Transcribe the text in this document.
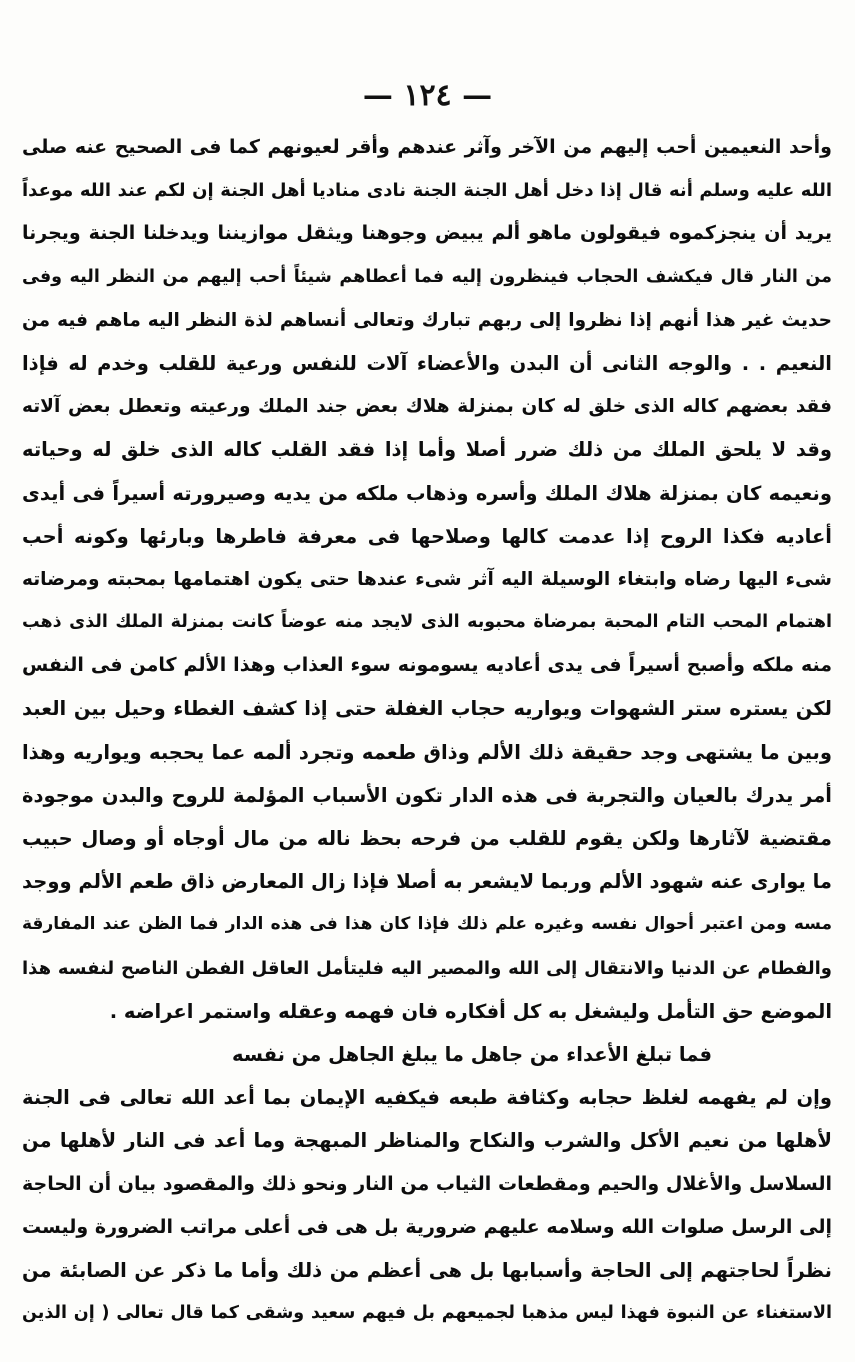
— ١٢٤ —
وأحد النعيمين أحب إليهم من الآخر وآثر عندهم وأقر لعيونهم كما فى الصحيح عنه صلى
الله عليه وسلم أنه قال إذا دخل أهل الجنة الجنة نادى مناديا أهل الجنة إن لكم عند الله موعداً
يريد أن ينجزكموه فيقولون ماهو ألم يبيض وجوهنا ويثقل موازيننا ويدخلنا الجنة ويجرنا
من النار قال فيكشف الحجاب فينظرون إليه فما أعطاهم شيئاً أحب إليهم من النظر اليه وفى
حديث غير هذا أنهم إذا نظروا إلى ربهم تبارك وتعالى أنساهم لذة النظر اليه ماهم فيه من
النعيم . . والوجه الثانى أن البدن والأعضاء آلات للنفس ورعية للقلب وخدم له فإذا
فقد بعضهم كاله الذى خلق له كان بمنزلة هلاك بعض جند الملك ورعيته وتعطل بعض آلاته
وقد لا يلحق الملك من ذلك ضرر أصلا وأما إذا فقد القلب كاله الذى خلق له وحياته
ونعيمه كان بمنزلة هلاك الملك وأسره وذهاب ملكه من يديه وصيرورته أسيراً فى أيدى
أعاديه فكذا الروح إذا عدمت كالها وصلاحها فى معرفة فاطرها وبارئها وكونه أحب
شىء اليها رضاه وابتغاء الوسيلة اليه آثر شىء عندها حتى يكون اهتمامها بمحبته ومرضاته
اهتمام المحب التام المحبة بمرضاة محبوبه الذى لايجد منه عوضاً كانت بمنزلة الملك الذى ذهب
منه ملكه وأصبح أسيراً فى يدى أعاديه يسومونه سوء العذاب وهذا الألم كامن فى النفس
لكن يستره ستر الشهوات ويواريه حجاب الغفلة حتى إذا كشف الغطاء وحيل بين العبد
وبين ما يشتهى وجد حقيقة ذلك الألم وذاق طعمه وتجرد ألمه عما يحجبه ويواريه وهذا
أمر يدرك بالعيان والتجربة فى هذه الدار تكون الأسباب المؤلمة للروح والبدن موجودة
مقتضية لآثارها ولكن يقوم للقلب من فرحه بحظ ناله من مال أوجاه أو وصال حبيب
ما يوارى عنه شهود الألم وربما لايشعر به أصلا فإذا زال المعارض ذاق طعم الألم ووجد
مسه ومن اعتبر أحوال نفسه وغيره علم ذلك فإذا كان هذا فى هذه الدار فما الظن عند المفارقة
والفطام عن الدنيا والانتقال إلى الله والمصير اليه فليتأمل العاقل الفطن الناصح لنفسه هذا
الموضع حق التأمل وليشغل به كل أفكاره فان فهمه وعقله واستمر اعراضه .
فما تبلغ الأعداء من جاهل ما يبلغ الجاهل من نفسه
وإن لم يفهمه لغلظ حجابه وكثافة طبعه فيكفيه الإيمان بما أعد الله تعالى فى الجنة
لأهلها من نعيم الأكل والشرب والنكاح والمناظر المبهجة وما أعد فى النار لأهلها من
السلاسل والأغلال والحيم ومقطعات الثياب من النار ونحو ذلك والمقصود بيان أن الحاجة
إلى الرسل صلوات الله وسلامه عليهم ضرورية بل هى فى أعلى مراتب الضرورة وليست
نظراً لحاجتهم إلى الحاجة وأسبابها بل هى أعظم من ذلك وأما ما ذكر عن الصابئة من
الاستغناء عن النبوة فهذا ليس مذهبا لجميعهم بل فيهم سعيد وشقى كما قال تعالى ( إن الذين
